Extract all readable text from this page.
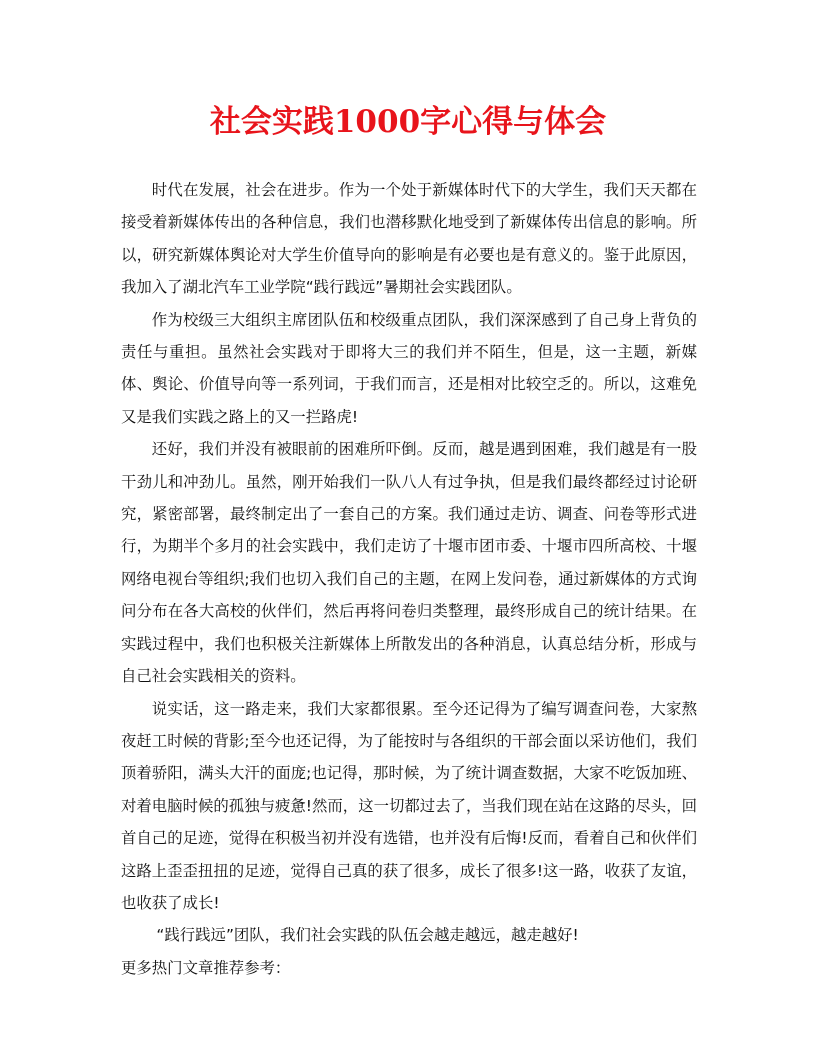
社会实践1000字心得与体会

时代在发展，社会在进步。作为一个处于新媒体时代下的大学生，我们天天都在接受着新媒体传出的各种信息，我们也潜移默化地受到了新媒体传出信息的影响。所以，研究新媒体舆论对大学生价值导向的影响是有必要也是有意义的。鉴于此原因，我加入了湖北汽车工业学院“践行践远”暑期社会实践团队。

作为校级三大组织主席团队伍和校级重点团队，我们深深感到了自己身上背负的责任与重担。虽然社会实践对于即将大三的我们并不陌生，但是，这一主题，新媒体、舆论、价值导向等一系列词，于我们而言，还是相对比较空乏的。所以，这难免又是我们实践之路上的又一拦路虎!

还好，我们并没有被眼前的困难所吓倒。反而，越是遇到困难，我们越是有一股干劲儿和冲劲儿。虽然，刚开始我们一队八人有过争执，但是我们最终都经过讨论研究，紧密部署，最终制定出了一套自己的方案。我们通过走访、调查、问卷等形式进行，为期半个多月的社会实践中，我们走访了十堰市团市委、十堰市四所高校、十堰网络电视台等组织;我们也切入我们自己的主题，在网上发问卷，通过新媒体的方式询问分布在各大高校的伙伴们，然后再将问卷归类整理，最终形成自己的统计结果。在实践过程中，我们也积极关注新媒体上所散发出的各种消息，认真总结分析，形成与自己社会实践相关的资料。

说实话，这一路走来，我们大家都很累。至今还记得为了编写调查问卷，大家熬夜赶工时候的背影;至今也还记得，为了能按时与各组织的干部会面以采访他们，我们顶着骄阳，满头大汗的面庞;也记得，那时候，为了统计调查数据，大家不吃饭加班、对着电脑时候的孤独与疲惫!然而，这一切都过去了，当我们现在站在这路的尽头，回首自己的足迹，觉得在积极当初并没有选错，也并没有后悔!反而，看着自己和伙伴们这路上歪歪扭扭的足迹，觉得自己真的获了很多，成长了很多!这一路，收获了友谊，也收获了成长!

“践行践远”团队，我们社会实践的队伍会越走越远，越走越好!

更多热门文章推荐参考：
